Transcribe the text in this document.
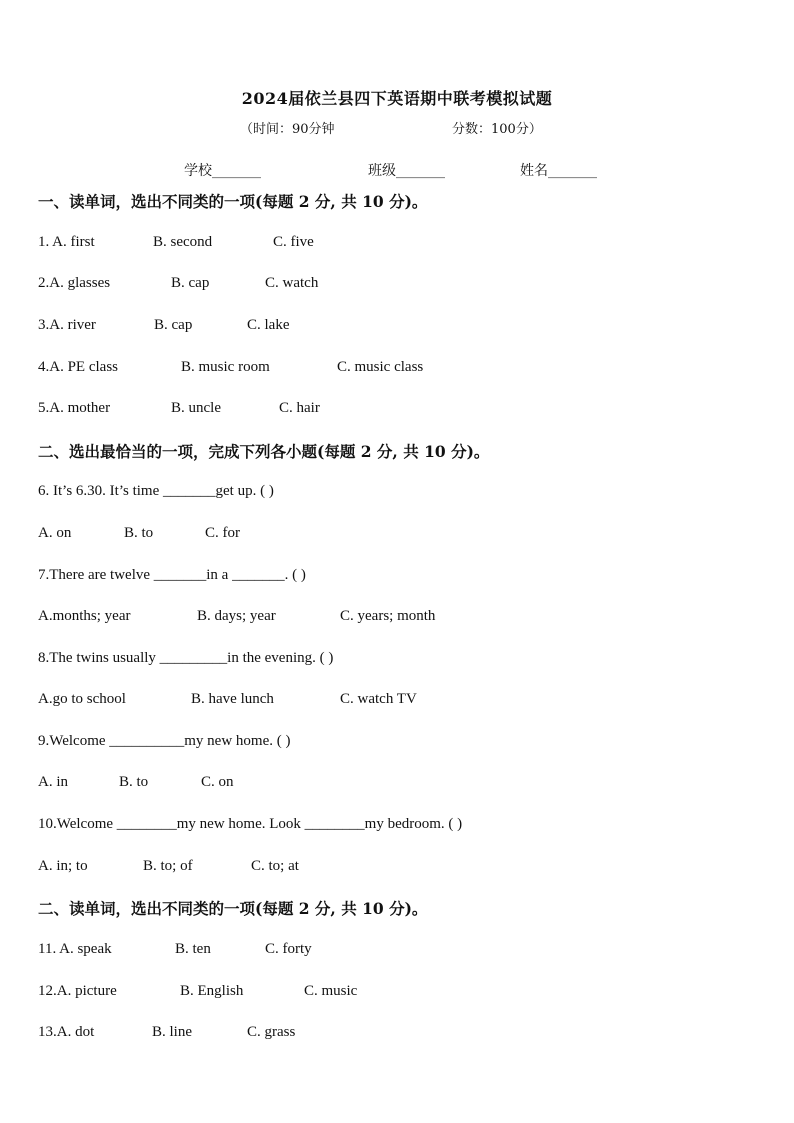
2024届依兰县四下英语期中联考模拟试题
（时间：90分钟	分数：100分）
学校_______	班级_______	姓名_______
一、读单词，选出不同类的一项(每题 2 分, 共 10 分)。
1. A. first	B. second	C. five
2.A. glasses	B. cap	C. watch
3.A. river	B. cap	C. lake
4.A. PE class	B. music room	C. music class
5.A. mother	B. uncle	C. hair
二、选出最恰当的一项，完成下列各小题(每题 2 分, 共 10 分)。
6. It’s 6.30. It’s time _______get up. ( )
A. on	B. to	C. for
7.There are twelve _______in a _______. ( )
A.months; year	B. days; year	C. years; month
8.The twins usually _________in the evening. ( )
A.go to school	B. have lunch	C. watch TV
9.Welcome __________my new home. ( )
A. in	B. to	C. on
10.Welcome ________my new home. Look ________my bedroom. ( )
A. in; to	B. to; of	C. to; at
二、读单词，选出不同类的一项(每题 2 分, 共 10 分)。
11. A. speak	B. ten	C. forty
12.A. picture	B. English	C. music
13.A. dot	B. line	C. grass
